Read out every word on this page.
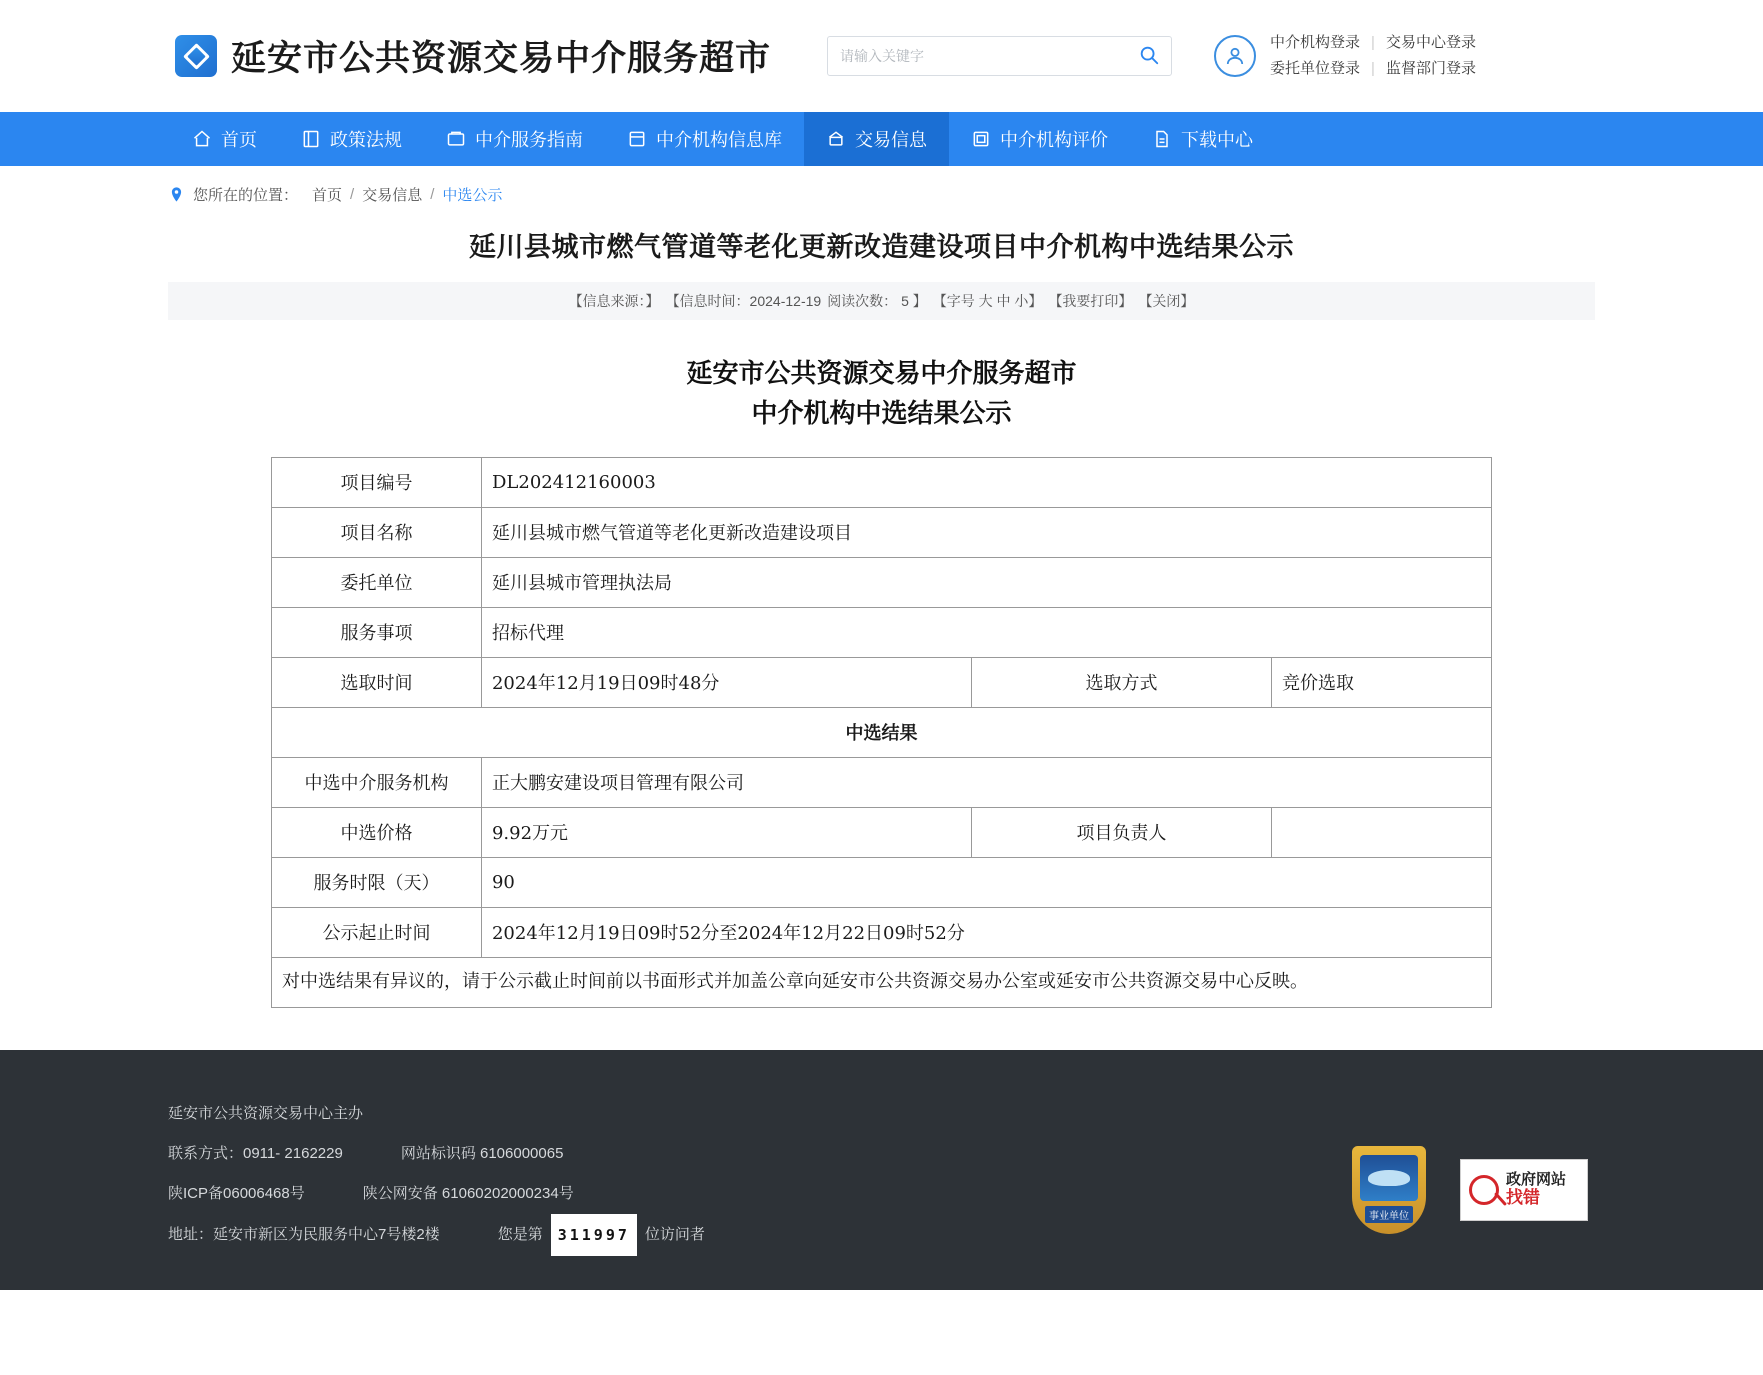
延安市公共资源交易中介服务超市
请输入关键字	中介机构登录 | 交易中心登录
委托单位登录 | 监督部门登录
首页	政策法规	中介服务指南	中介机构信息库	交易信息	中介机构评价	下载中心
您所在的位置： 首页 / 交易信息 / 中选公示
延川县城市燃气管道等老化更新改造建设项目中介机构中选结果公示
【信息来源：】 【信息时间：2024-12-19 阅读次数： 5 】 【字号 大 中 小】 【我要打印】 【关闭】
延安市公共资源交易中介服务超市
中介机构中选结果公示
项目编号	DL202412160003		
项目名称	延川县城市燃气管道等老化更新改造建设项目		
委托单位	延川县城市管理执法局		
服务事项	招标代理		
选取时间	2024年12月19日09时48分	选取方式	竞价选取
中选结果			
中选中介服务机构	正大鹏安建设项目管理有限公司		
中选价格	9.92万元	项目负责人	
服务时限（天）	90		
公示起止时间	2024年12月19日09时52分至2024年12月22日09时52分		
对中选结果有异议的，请于公示截止时间前以书面形式并加盖公章向延安市公共资源交易办公室或延安市公共资源交易中心反映。			
延安市公共资源交易中心主办
联系方式：0911- 2162229	网站标识码 6106000065
陕ICP备06006468号	陕公网安备 61060202000234号
地址：延安市新区为民服务中心7号楼2楼	您是第	311997	位访问者
事业单位
政府网站
找错
